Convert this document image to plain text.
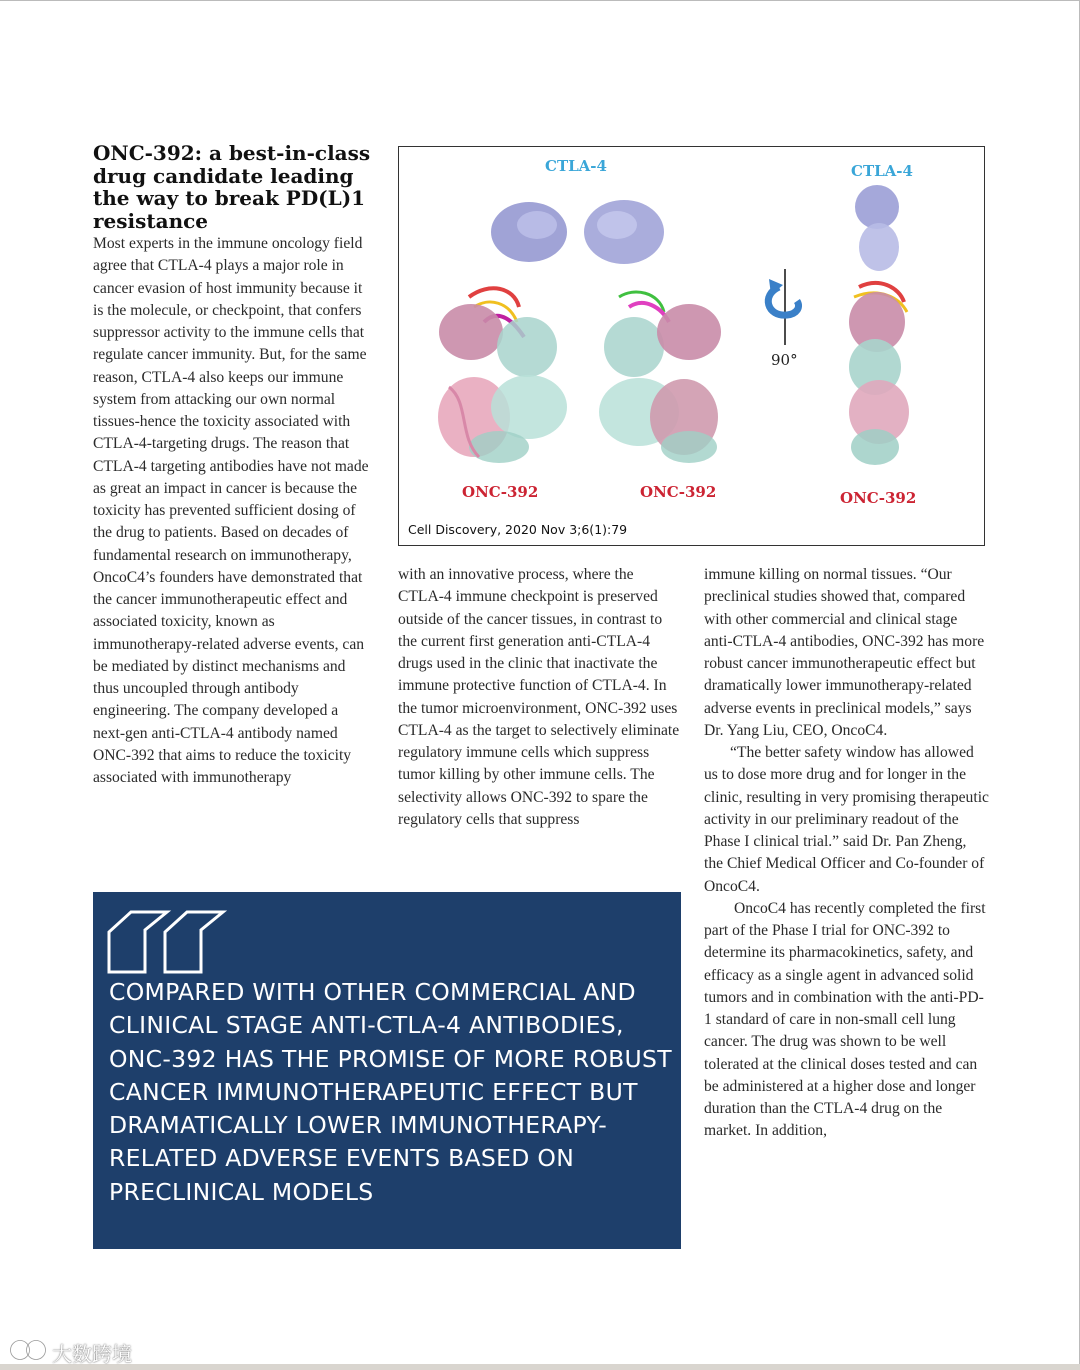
ONC-392: a best-in-class drug candidate leading the way to break PD(L)1 resistance

Most experts in the immune oncology field agree that CTLA-4 plays a major role in cancer evasion of host immunity because it is the molecule, or checkpoint, that confers suppressor activity to the immune cells that regulate cancer immunity. But, for the same reason, CTLA-4 also keeps our immune system from attacking our own normal tissues-hence the toxicity associated with CTLA-4-targeting drugs. The reason that CTLA-4 targeting antibodies have not made as great an impact in cancer is because the toxicity has prevented sufficient dosing of the drug to patients. Based on decades of fundamental research on immunotherapy, OncoC4’s founders have demonstrated that the cancer immunotherapeutic effect and associated toxicity, known as immunotherapy-related adverse events, can be mediated by distinct mechanisms and thus uncoupled through antibody engineering. The company developed a next-gen anti-CTLA-4 antibody named ONC-392 that aims to reduce the toxicity associated with immunotherapy

CTLA-4	CTLA-4

90°

ONC-392	ONC-392	ONC-392

Cell Discovery, 2020 Nov 3;6(1):79

with an innovative process, where the CTLA-4 immune checkpoint is preserved outside of the cancer tissues, in contrast to the current first generation anti-CTLA-4 drugs used in the clinic that inactivate the immune protective function of CTLA-4. In the tumor microenvironment, ONC-392 uses CTLA-4 as the target to selectively eliminate regulatory immune cells which suppress tumor killing by other immune cells. The selectivity allows ONC-392 to spare the regulatory cells that suppress

immune killing on normal tissues. “Our preclinical studies showed that, compared with other commercial and clinical stage anti-CTLA-4 antibodies, ONC-392 has more robust cancer immunotherapeutic effect but dramatically lower immunotherapy-related adverse events in preclinical models,” says Dr. Yang Liu, CEO, OncoC4.

“The better safety window has allowed us to dose more drug and for longer in the clinic, resulting in very promising therapeutic activity in our preliminary readout of the Phase I clinical trial.” said Dr. Pan Zheng, the Chief Medical Officer and Co-founder of OncoC4.

OncoC4 has recently completed the first part of the Phase I trial for ONC-392 to determine its pharmacokinetics, safety, and efficacy as a single agent in advanced solid tumors and in combination with the anti-PD-1 standard of care in non-small cell lung cancer. The drug was shown to be well tolerated at the clinical doses tested and can be administered at a higher dose and longer duration than the CTLA-4 drug on the market. In addition,

COMPARED WITH OTHER COMMERCIAL AND CLINICAL STAGE ANTI-CTLA-4 ANTIBODIES, ONC-392 HAS THE PROMISE OF MORE ROBUST CANCER IMMUNOTHERAPEUTIC EFFECT BUT DRAMATICALLY LOWER IMMUNOTHERAPY-RELATED ADVERSE EVENTS BASED ON PRECLINICAL MODELS

大数跨境
